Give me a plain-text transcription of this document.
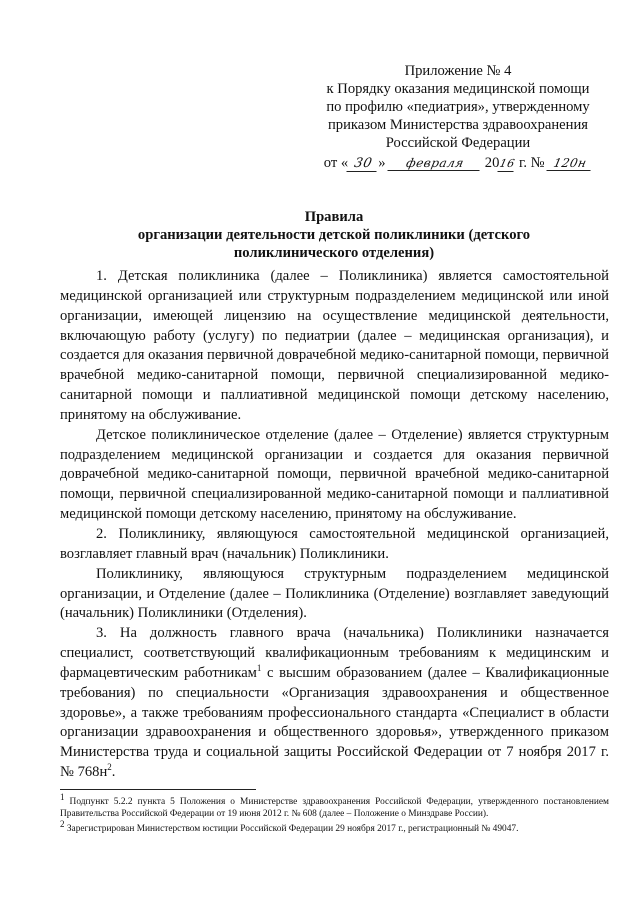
Приложение № 4
к Порядку оказания медицинской помощи
по профилю «педиатрия», утвержденному
приказом Министерства здравоохранения
Российской Федерации
от « 30 » февраля 2016 г. № 120н
Правила
организации деятельности детской поликлиники (детского
поликлинического отделения)

1. Детская поликлиника (далее – Поликлиника) является самостоятельной медицинской организацией или структурным подразделением медицинской или иной организации, имеющей лицензию на осуществление медицинской деятельности, включающую работу (услугу) по педиатрии (далее – медицинская организация), и создается для оказания первичной доврачебной медико-санитарной помощи, первичной врачебной медико-санитарной помощи, первичной специализированной медико-санитарной помощи и паллиативной медицинской помощи детскому населению, принятому на обслуживание.

Детское поликлиническое отделение (далее – Отделение) является структурным подразделением медицинской организации и создается для оказания первичной доврачебной медико-санитарной помощи, первичной врачебной медико-санитарной помощи, первичной специализированной медико-санитарной помощи и паллиативной медицинской помощи детскому населению, принятому на обслуживание.

2. Поликлинику, являющуюся самостоятельной медицинской организацией, возглавляет главный врач (начальник) Поликлиники.

Поликлинику, являющуюся структурным подразделением медицинской организации, и Отделение (далее – Поликлиника (Отделение) возглавляет заведующий (начальник) Поликлиники (Отделения).

3. На должность главного врача (начальника) Поликлиники назначается специалист, соответствующий квалификационным требованиям к медицинским и фармацевтическим работникам$^1$ с высшим образованием (далее – Квалификационные требования) по специальности «Организация здравоохранения и общественное здоровье», а также требованиям профессионального стандарта «Специалист в области организации здравоохранения и общественного здоровья», утвержденного приказом Министерства труда и социальной защиты Российской Федерации от 7 ноября 2017 г. № $768н^2$.

$^1$ Подпункт 5.2.2 пункта 5 Положения о Министерстве здравоохранения Российской Федерации, утвержденного постановлением Правительства Российской Федерации от 19 июня 2012 г. № 608 (далее – Положение о Минздраве России).

$^2$ Зарегистрирован Министерством юстиции Российской Федерации 29 ноября 2017 г., регистрационный № 49047.
